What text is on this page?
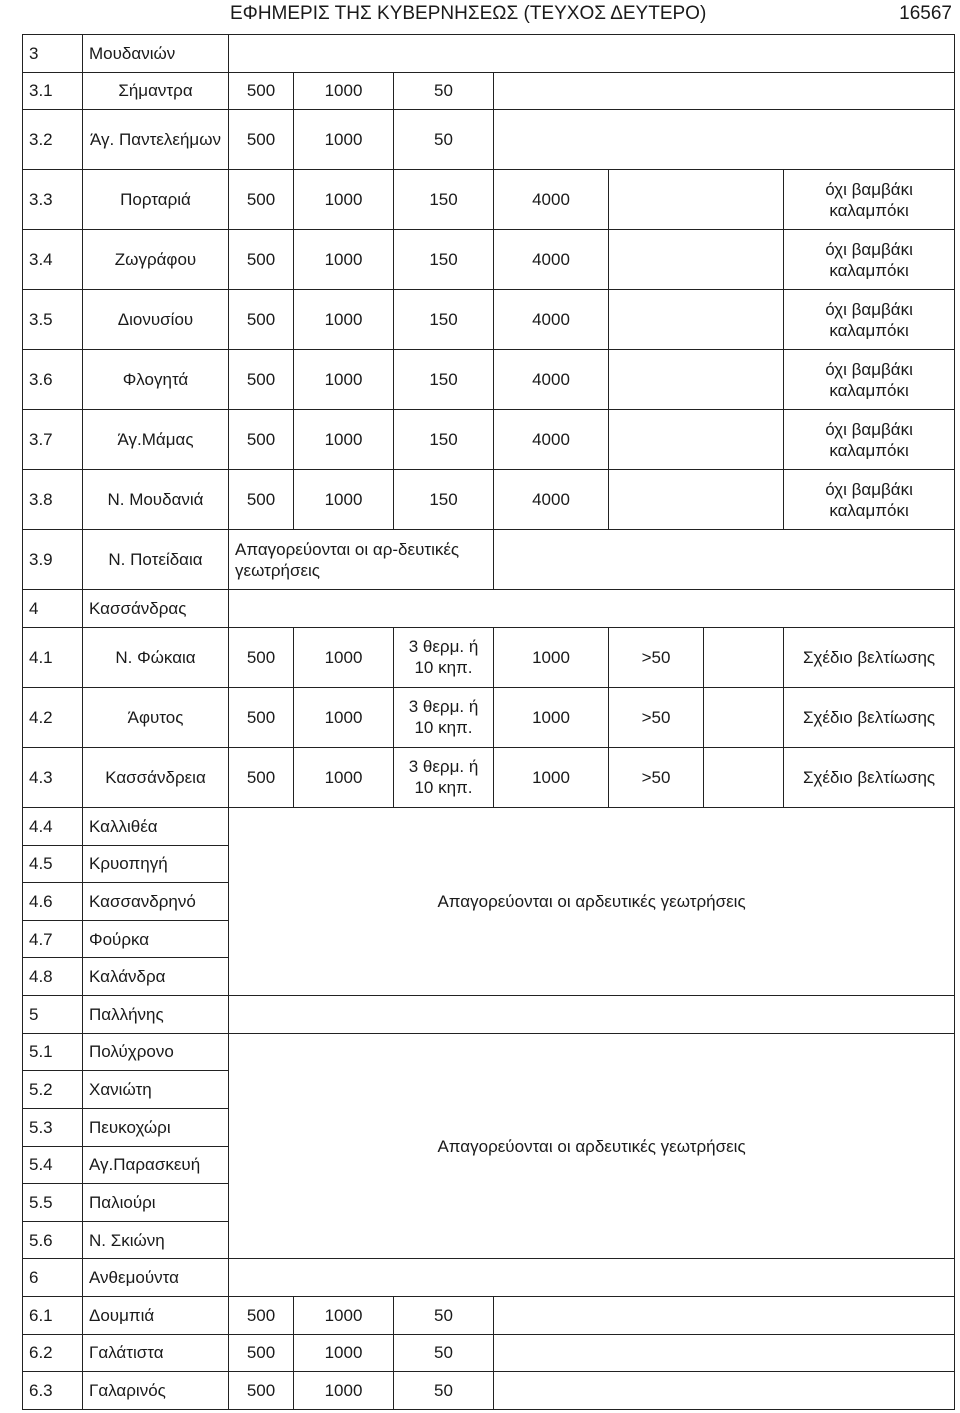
ΕΦΗΜΕΡΙΣ ΤΗΣ ΚΥΒΕΡΝΗΣΕΩΣ (ΤΕΥΧΟΣ ΔΕΥΤΕΡΟ)	16567
3	Μουδανιών							
3.1	Σήμαντρα	500	1000	50				
3.2	Άγ. Παντελεήμων	500	1000	50				
3.3	Πορταριά	500	1000	150	4000			όχι βαμβάκι καλαμπόκι
3.4	Ζωγράφου	500	1000	150	4000			όχι βαμβάκι καλαμπόκι
3.5	Διονυσίου	500	1000	150	4000			όχι βαμβάκι καλαμπόκι
3.6	Φλογητά	500	1000	150	4000			όχι βαμβάκι καλαμπόκι
3.7	Άγ.Μάμας	500	1000	150	4000			όχι βαμβάκι καλαμπόκι
3.8	Ν. Μουδανιά	500	1000	150	4000			όχι βαμβάκι καλαμπόκι
3.9	Ν. Ποτείδαια	Απαγορεύονται οι αρ-δευτικές γεωτρήσεις						
4	Κασσάνδρας							
4.1	Ν. Φώκαια	500	1000	3 θερμ. ή 10 κηπ.	1000	>50		Σχέδιο βελτίωσης
4.2	Άφυτος	500	1000	3 θερμ. ή 10 κηπ.	1000	>50		Σχέδιο βελτίωσης
4.3	Κασσάνδρεια	500	1000	3 θερμ. ή 10 κηπ.	1000	>50		Σχέδιο βελτίωσης
4.4	Καλλιθέα	Απαγορεύονται οι αρδευτικές γεωτρήσεις						
4.5	Κρυοπηγή							
4.6	Κασσανδρηνό							
4.7	Φούρκα							
4.8	Καλάνδρα							
5	Παλλήνης							
5.1	Πολύχρονο	Απαγορεύονται οι αρδευτικές γεωτρήσεις						
5.2	Χανιώτη							
5.3	Πευκοχώρι							
5.4	Αγ.Παρασκευή							
5.5	Παλιούρι							
5.6	Ν. Σκιώνη							
6	Ανθεμούντα							
6.1	Δουμπιά	500	1000	50				
6.2	Γαλάτιστα	500	1000	50				
6.3	Γαλαρινός	500	1000	50				
